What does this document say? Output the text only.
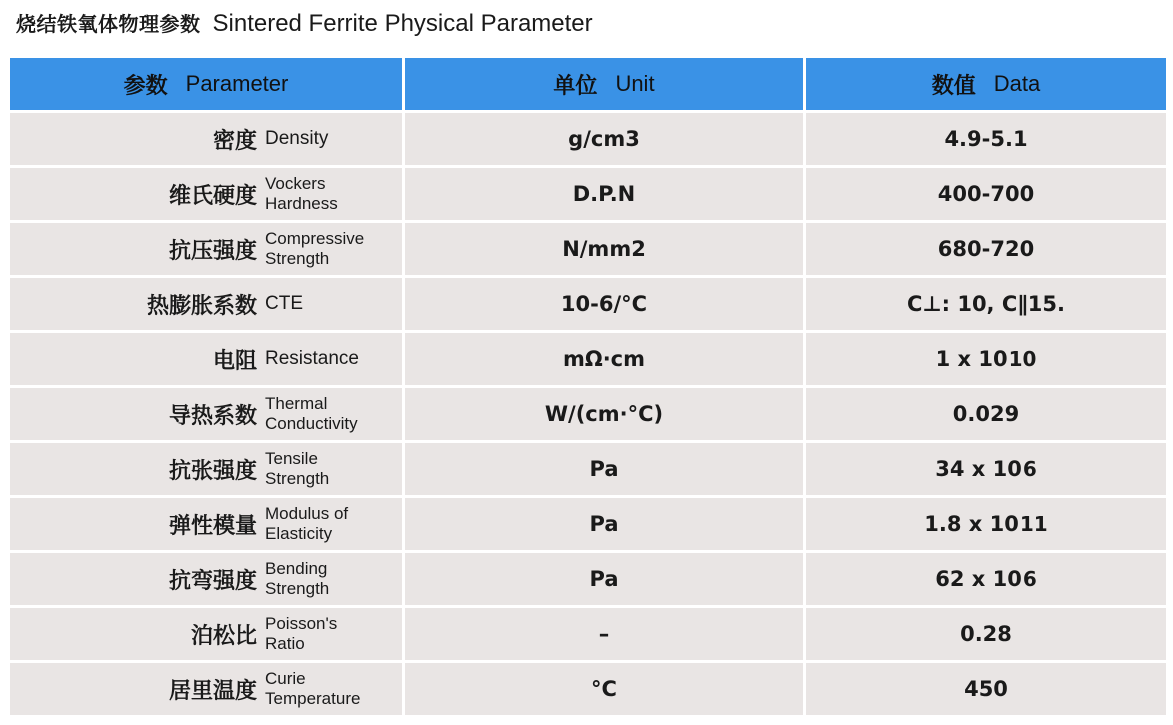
烧结铁氧体物理参数 Sintered Ferrite Physical Parameter
参数 Parameter	单位 Unit	数值 Data
密度 Density	g/cm3	4.9-5.1
维氏硬度 Vockers
Hardness	D.P.N	400-700
抗压强度 Compressive
Strength	N/mm2	680-720
热膨胀系数 CTE	10-6/°C	C⊥: 10, C∥15.
电阻 Resistance	mΩ·cm	1 x 10 10
导热系数 Thermal
Conductivity	W/(cm·°C)	0.029
抗张强度 Tensile
Strength	Pa	34 x 10 6
弹性模量 Modulus of
Elasticity	Pa	1.8 x 10 11
抗弯强度 Bending
Strength	Pa	62 x 10 6
泊松比 Poisson's
Ratio	–	0.28
居里温度 Curie
Temperature	°C	450
